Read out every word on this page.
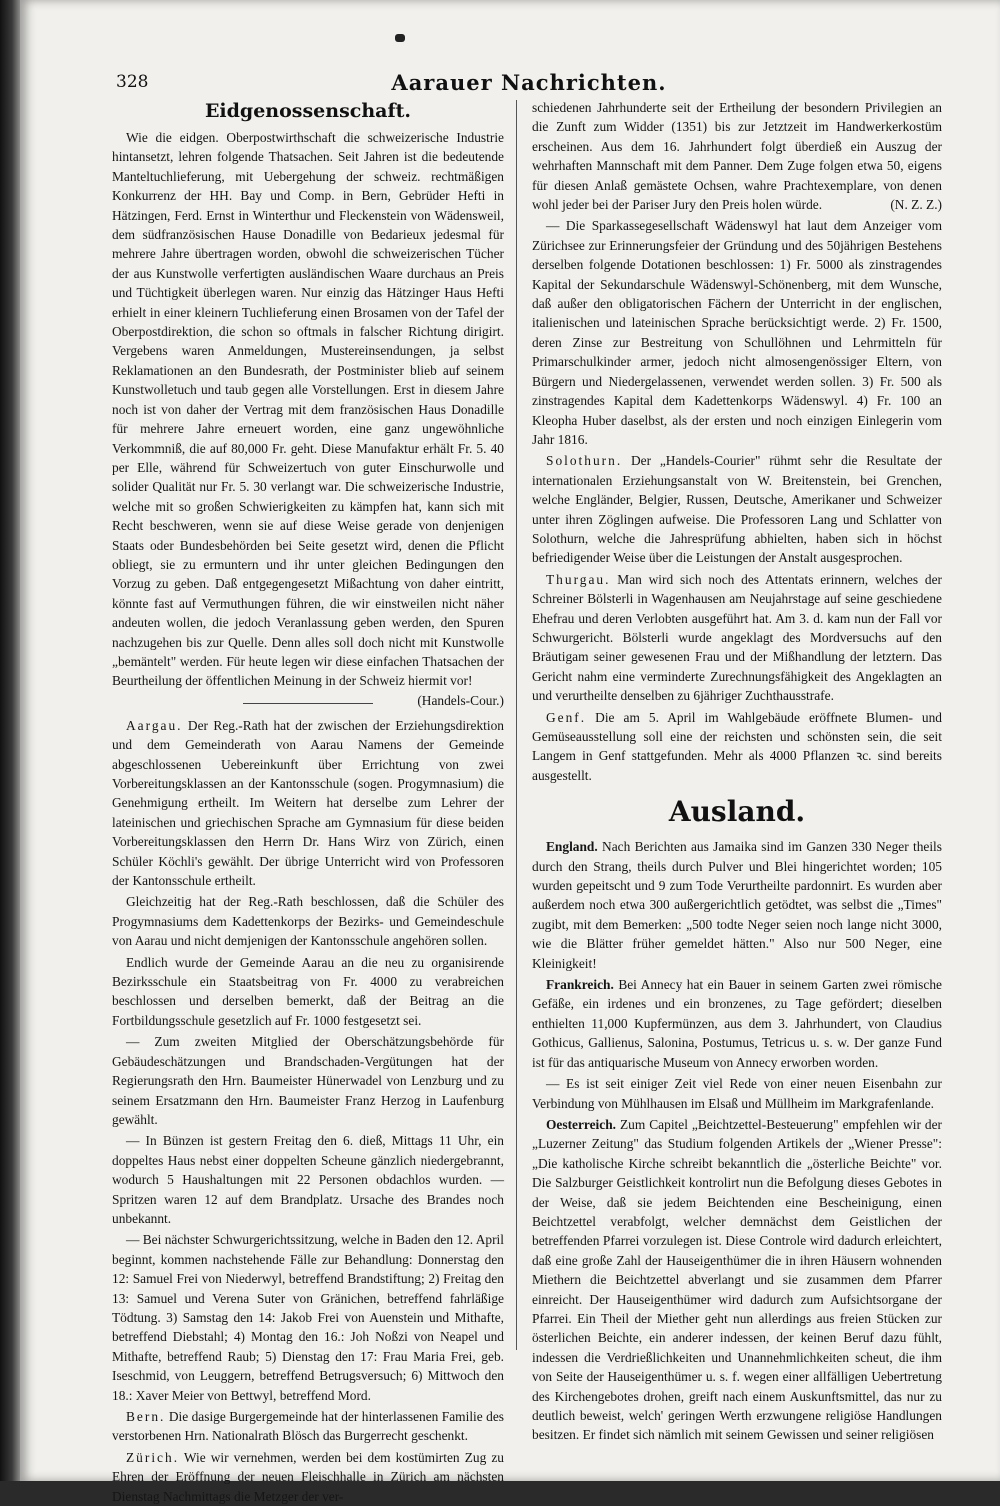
328	Aarauer Nachrichten.
Eidgenossenschaft.

Wie die eidgen. Oberpostwirthschaft die schweizerische Industrie hintansetzt, lehren folgende Thatsachen. Seit Jahren ist die bedeutende Manteltuchlieferung, mit Uebergehung der schweiz. rechtmäßigen Konkurrenz der HH. Bay und Comp. in Bern, Gebrüder Hefti in Hätzingen, Ferd. Ernst in Winterthur und Fleckenstein von Wädensweil, dem südfranzösischen Hause Donadille von Bedarieux jedesmal für mehrere Jahre übertragen worden, obwohl die schweizerischen Tücher der aus Kunstwolle verfertigten ausländischen Waare durchaus an Preis und Tüchtigkeit überlegen waren. Nur einzig das Hätzinger Haus Hefti erhielt in einer kleinern Tuchlieferung einen Brosamen von der Tafel der Oberpostdirektion, die schon so oftmals in falscher Richtung dirigirt. Vergebens waren Anmeldungen, Mustereinsendungen, ja selbst Reklamationen an den Bundesrath, der Postminister blieb auf seinem Kunstwolletuch und taub gegen alle Vorstellungen. Erst in diesem Jahre noch ist von daher der Vertrag mit dem französischen Haus Donadille für mehrere Jahre erneuert worden, eine ganz ungewöhnliche Verkommniß, die auf 80,000 Fr. geht. Diese Manufaktur erhält Fr. 5. 40 per Elle, während für Schweizertuch von guter Einschurwolle und solider Qualität nur Fr. 5. 30 verlangt war. Die schweizerische Industrie, welche mit so großen Schwierigkeiten zu kämpfen hat, kann sich mit Recht beschweren, wenn sie auf diese Weise gerade von denjenigen Staats oder Bundesbehörden bei Seite gesetzt wird, denen die Pflicht obliegt, sie zu ermuntern und ihr unter gleichen Bedingungen den Vorzug zu geben. Daß entgegengesetzt Mißachtung von daher eintritt, könnte fast auf Vermuthungen führen, die wir einstweilen nicht näher andeuten wollen, die jedoch Veranlassung geben werden, den Spuren nachzugehen bis zur Quelle. Denn alles soll doch nicht mit Kunstwolle „bemäntelt" werden. Für heute legen wir diese einfachen Thatsachen der Beurtheilung der öffentlichen Meinung in der Schweiz hiermit vor!
(Handels-Cour.)

Aargau. Der Reg.-Rath hat der zwischen der Erziehungsdirektion und dem Gemeinderath von Aarau Namens der Gemeinde abgeschlossenen Uebereinkunft über Errichtung von zwei Vorbereitungsklassen an der Kantonsschule (sogen. Progymnasium) die Genehmigung ertheilt. Im Weitern hat derselbe zum Lehrer der lateinischen und griechischen Sprache am Gymnasium für diese beiden Vorbereitungsklassen den Herrn Dr. Hans Wirz von Zürich, einen Schüler Köchli's gewählt. Der übrige Unterricht wird von Professoren der Kantonsschule ertheilt.

Gleichzeitig hat der Reg.-Rath beschlossen, daß die Schüler des Progymnasiums dem Kadettenkorps der Bezirks- und Gemeindeschule von Aarau und nicht demjenigen der Kantonsschule angehören sollen.

Endlich wurde der Gemeinde Aarau an die neu zu organisirende Bezirksschule ein Staatsbeitrag von Fr. 4000 zu verabreichen beschlossen und derselben bemerkt, daß der Beitrag an die Fortbildungsschule gesetzlich auf Fr. 1000 festgesetzt sei.

— Zum zweiten Mitglied der Oberschätzungsbehörde für Gebäudeschätzungen und Brandschaden-Vergütungen hat der Regierungsrath den Hrn. Baumeister Hünerwadel von Lenzburg und zu seinem Ersatzmann den Hrn. Baumeister Franz Herzog in Laufenburg gewählt.

— In Bünzen ist gestern Freitag den 6. dieß, Mittags 11 Uhr, ein doppeltes Haus nebst einer doppelten Scheune gänzlich niedergebrannt, wodurch 5 Haushaltungen mit 22 Personen obdachlos wurden. — Spritzen waren 12 auf dem Brandplatz. Ursache des Brandes noch unbekannt.

— Bei nächster Schwurgerichtssitzung, welche in Baden den 12. April beginnt, kommen nachstehende Fälle zur Behandlung: Donnerstag den 12: Samuel Frei von Niederwyl, betreffend Brandstiftung; 2) Freitag den 13: Samuel und Verena Suter von Gränichen, betreffend fahrläßige Tödtung. 3) Samstag den 14: Jakob Frei von Auenstein und Mithafte, betreffend Diebstahl; 4) Montag den 16.: Joh Noßzi von Neapel und Mithafte, betreffend Raub; 5) Dienstag den 17: Frau Maria Frei, geb. Iseschmid, von Leuggern, betreffend Betrugsversuch; 6) Mittwoch den 18.: Xaver Meier von Bettwyl, betreffend Mord.

Bern. Die dasige Burgergemeinde hat der hinterlassenen Familie des verstorbenen Hrn. Nationalrath Blösch das Burgerrecht geschenkt.

Zürich. Wie wir vernehmen, werden bei dem kostümirten Zug zu Ehren der Eröffnung der neuen Fleischhalle in Zürich am nächsten Dienstag Nachmittags die Metzger der ver-

schiedenen Jahrhunderte seit der Ertheilung der besondern Privilegien an die Zunft zum Widder (1351) bis zur Jetztzeit im Handwerkerkostüm erscheinen. Aus dem 16. Jahrhundert folgt überdieß ein Auszug der wehrhaften Mannschaft mit dem Panner. Dem Zuge folgen etwa 50, eigens für diesen Anlaß gemästete Ochsen, wahre Prachtexemplare, von denen wohl jeder bei der Pariser Jury den Preis holen würde.	(N. Z. Z.)

— Die Sparkassegesellschaft Wädenswyl hat laut dem Anzeiger vom Zürichsee zur Erinnerungsfeier der Gründung und des 50jährigen Bestehens derselben folgende Dotationen beschlossen: 1) Fr. 5000 als zinstragendes Kapital der Sekundarschule Wädenswyl-Schönenberg, mit dem Wunsche, daß außer den obligatorischen Fächern der Unterricht in der englischen, italienischen und lateinischen Sprache berücksichtigt werde. 2) Fr. 1500, deren Zinse zur Bestreitung von Schullöhnen und Lehrmitteln für Primarschulkinder armer, jedoch nicht almosengenössiger Eltern, von Bürgern und Niedergelassenen, verwendet werden sollen. 3) Fr. 500 als zinstragendes Kapital dem Kadettenkorps Wädenswyl. 4) Fr. 100 an Kleopha Huber daselbst, als der ersten und noch einzigen Einlegerin vom Jahr 1816.

Solothurn. Der „Handels-Courier" rühmt sehr die Resultate der internationalen Erziehungsanstalt von W. Breitenstein, bei Grenchen, welche Engländer, Belgier, Russen, Deutsche, Amerikaner und Schweizer unter ihren Zöglingen aufweise. Die Professoren Lang und Schlatter von Solothurn, welche die Jahresprüfung abhielten, haben sich in höchst befriedigender Weise über die Leistungen der Anstalt ausgesprochen.

Thurgau. Man wird sich noch des Attentats erinnern, welches der Schreiner Bölsterli in Wagenhausen am Neujahrstage auf seine geschiedene Ehefrau und deren Verlobten ausgeführt hat. Am 3. d. kam nun der Fall vor Schwurgericht. Bölsterli wurde angeklagt des Mordversuchs auf den Bräutigam seiner gewesenen Frau und der Mißhandlung der letztern. Das Gericht nahm eine verminderte Zurechnungsfähigkeit des Angeklagten an und verurtheilte denselben zu 6jähriger Zuchthausstrafe.

Genf. Die am 5. April im Wahlgebäude eröffnete Blumen- und Gemüseausstellung soll eine der reichsten und schönsten sein, die seit Langem in Genf stattgefunden. Mehr als 4000 Pflanzen ꝛc. sind bereits ausgestellt.

Ausland.

England. Nach Berichten aus Jamaika sind im Ganzen 330 Neger theils durch den Strang, theils durch Pulver und Blei hingerichtet worden; 105 wurden gepeitscht und 9 zum Tode Verurtheilte pardonnirt. Es wurden aber außerdem noch etwa 300 außergerichtlich getödtet, was selbst die „Times" zugibt, mit dem Bemerken: „500 todte Neger seien noch lange nicht 3000, wie die Blätter früher gemeldet hätten." Also nur 500 Neger, eine Kleinigkeit!

Frankreich. Bei Annecy hat ein Bauer in seinem Garten zwei römische Gefäße, ein irdenes und ein bronzenes, zu Tage gefördert; dieselben enthielten 11,000 Kupfermünzen, aus dem 3. Jahrhundert, von Claudius Gothicus, Gallienus, Salonina, Postumus, Tetricus u. s. w. Der ganze Fund ist für das antiquarische Museum von Annecy erworben worden.

— Es ist seit einiger Zeit viel Rede von einer neuen Eisenbahn zur Verbindung von Mühlhausen im Elsaß und Müllheim im Markgrafenlande.

Oesterreich. Zum Capitel „Beichtzettel-Besteuerung" empfehlen wir der „Luzerner Zeitung" das Studium folgenden Artikels der „Wiener Presse": „Die katholische Kirche schreibt bekanntlich die „österliche Beichte" vor. Die Salzburger Geistlichkeit kontrolirt nun die Befolgung dieses Gebotes in der Weise, daß sie jedem Beichtenden eine Bescheinigung, einen Beichtzettel verabfolgt, welcher demnächst dem Geistlichen der betreffenden Pfarrei vorzulegen ist. Diese Controle wird dadurch erleichtert, daß eine große Zahl der Hauseigenthümer die in ihren Häusern wohnenden Miethern die Beichtzettel abverlangt und sie zusammen dem Pfarrer einreicht. Der Hauseigenthümer wird dadurch zum Aufsichtsorgane der Pfarrei. Ein Theil der Miether geht nun allerdings aus freien Stücken zur österlichen Beichte, ein anderer indessen, der keinen Beruf dazu fühlt, indessen die Verdrießlichkeiten und Unannehmlichkeiten scheut, die ihm von Seite der Hauseigenthümer u. s. f. wegen einer allfälligen Uebertretung des Kirchengebotes drohen, greift nach einem Auskunftsmittel, das nur zu deutlich beweist, welch' geringen Werth erzwungene religiöse Handlungen besitzen. Er findet sich nämlich mit seinem Gewissen und seiner religiösen
